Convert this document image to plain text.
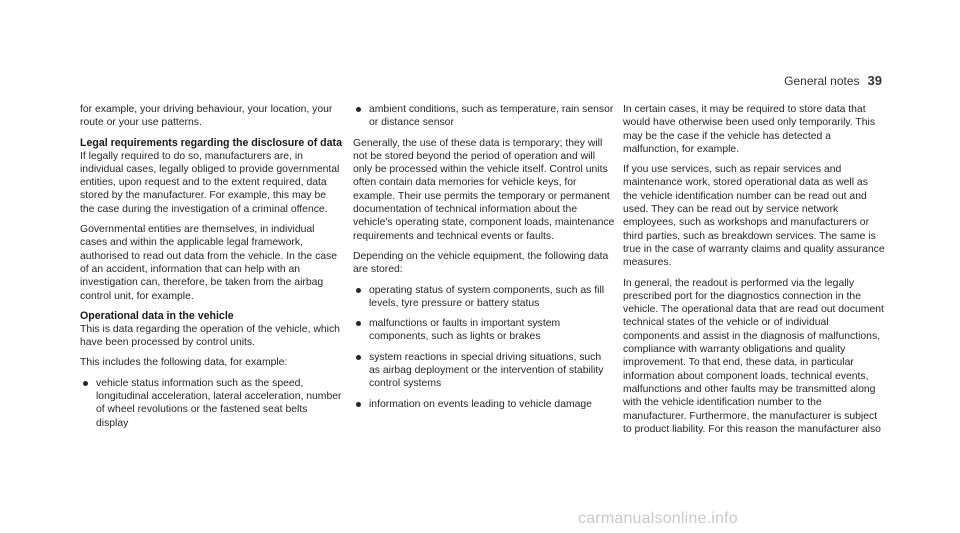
General notes 39

for example, your driving behaviour, your location, your route or your use patterns.

Legal requirements regarding the disclosure of data

If legally required to do so, manufacturers are, in individual cases, legally obliged to provide governmental entities, upon request and to the extent required, data stored by the manufacturer. For example, this may be the case during the investigation of a criminal offence.

Governmental entities are themselves, in individual cases and within the applicable legal framework, authorised to read out data from the vehicle. In the case of an accident, information that can help with an investigation can, therefore, be taken from the airbag control unit, for example.

Operational data in the vehicle

This is data regarding the operation of the vehicle, which have been processed by control units.

This includes the following data, for example:

vehicle status information such as the speed, longitudinal acceleration, lateral acceleration, number of wheel revolutions or the fastened seat belts display
ambient conditions, such as temperature, rain sensor or distance sensor

Generally, the use of these data is temporary; they will not be stored beyond the period of operation and will only be processed within the vehicle itself. Control units often contain data memories for vehicle keys, for example. Their use permits the temporary or permanent documentation of technical information about the vehicle's operating state, component loads, maintenance requirements and technical events or faults.

Depending on the vehicle equipment, the following data are stored:

operating status of system components, such as fill levels, tyre pressure or battery status
malfunctions or faults in important system components, such as lights or brakes
system reactions in special driving situations, such as airbag deployment or the intervention of stability control systems
information on events leading to vehicle damage

In certain cases, it may be required to store data that would have otherwise been used only temporarily. This may be the case if the vehicle has detected a malfunction, for example.

If you use services, such as repair services and maintenance work, stored operational data as well as the vehicle identification number can be read out and used. They can be read out by service network employees, such as workshops and manufacturers or third parties, such as breakdown services. The same is true in the case of warranty claims and quality assurance measures.

In general, the readout is performed via the legally prescribed port for the diagnostics connection in the vehicle. The operational data that are read out document technical states of the vehicle or of individual components and assist in the diagnosis of malfunctions, compliance with warranty obligations and quality improvement. To that end, these data, in particular information about component loads, technical events, malfunctions and other faults may be transmitted along with the vehicle identification number to the manufacturer. Furthermore, the manufacturer is subject to product liability. For this reason the manufacturer also

carmanualsonline.info
